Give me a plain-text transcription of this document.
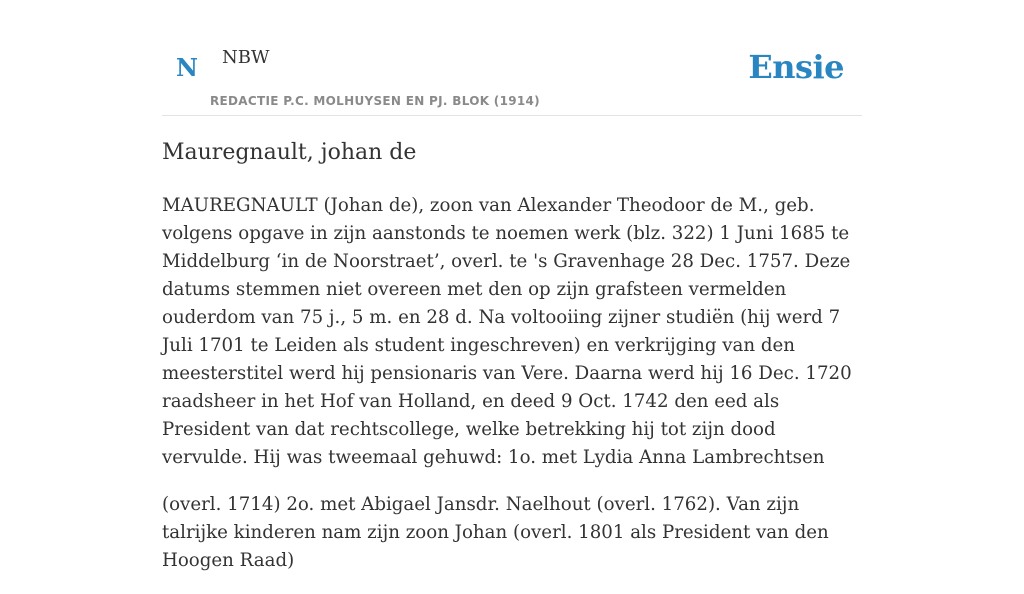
N NBW
REDACTIE P.C. MOLHUYSEN EN PJ. BLOK (1914)
Ensie
Mauregnault, johan de

MAUREGNAULT (Johan de), zoon van Alexander Theodoor de M., geb. volgens opgave in zijn aanstonds te noemen werk (blz. 322) 1 Juni 1685 te Middelburg ‘in de Noorstraet’, overl. te 's Gravenhage 28 Dec. 1757. Deze datums stemmen niet overeen met den op zijn grafsteen vermelden ouderdom van 75 j., 5 m. en 28 d. Na voltooiing zijner studiën (hij werd 7 Juli 1701 te Leiden als student ingeschreven) en verkrijging van den meesterstitel werd hij pensionaris van Vere. Daarna werd hij 16 Dec. 1720 raadsheer in het Hof van Holland, en deed 9 Oct. 1742 den eed als President van dat rechtscollege, welke betrekking hij tot zijn dood vervulde. Hij was tweemaal gehuwd: 1o. met Lydia Anna Lambrechtsen

(overl. 1714) 2o. met Abigael Jansdr. Naelhout (overl. 1762). Van zijn talrijke kinderen nam zijn zoon Johan (overl. 1801 als President van den Hoogen Raad)
